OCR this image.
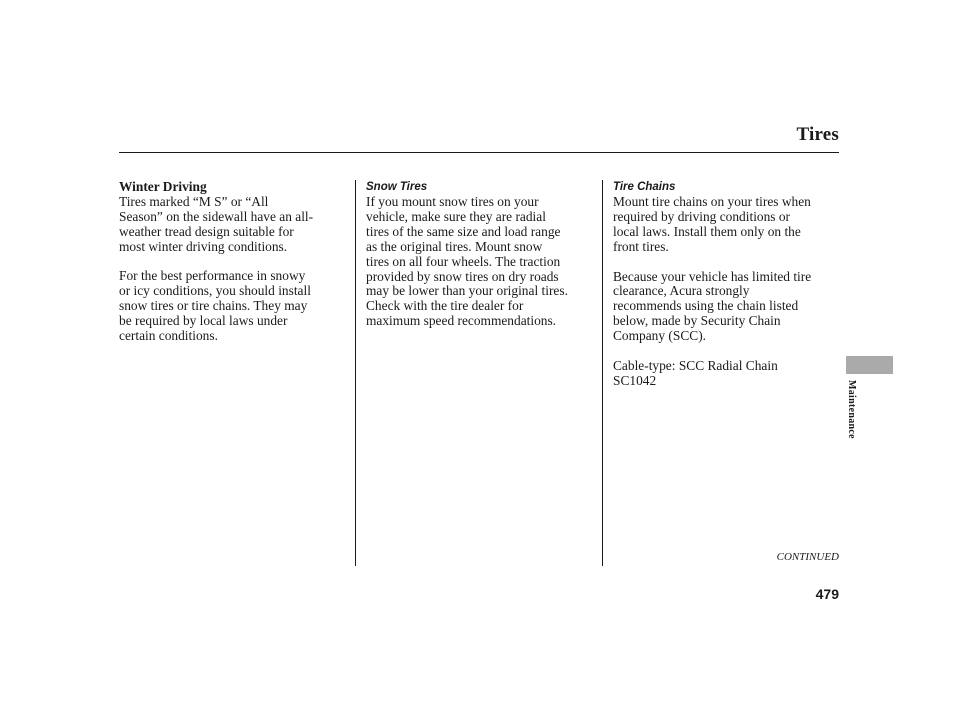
Tires
Winter Driving

Tires marked “M S” or “All
Season” on the sidewall have an all-
weather tread design suitable for
most winter driving conditions.

For the best performance in snowy
or icy conditions, you should install
snow tires or tire chains. They may
be required by local laws under
certain conditions.

Snow Tires

If you mount snow tires on your
vehicle, make sure they are radial
tires of the same size and load range
as the original tires. Mount snow
tires on all four wheels. The traction
provided by snow tires on dry roads
may be lower than your original tires.
Check with the tire dealer for
maximum speed recommendations.

Tire Chains

Mount tire chains on your tires when
required by driving conditions or
local laws. Install them only on the
front tires.

Because your vehicle has limited tire
clearance, Acura strongly
recommends using the chain listed
below, made by Security Chain
Company (SCC).

Cable-type: SCC Radial Chain
SC1042	Maintenance
CONTINUED
479
